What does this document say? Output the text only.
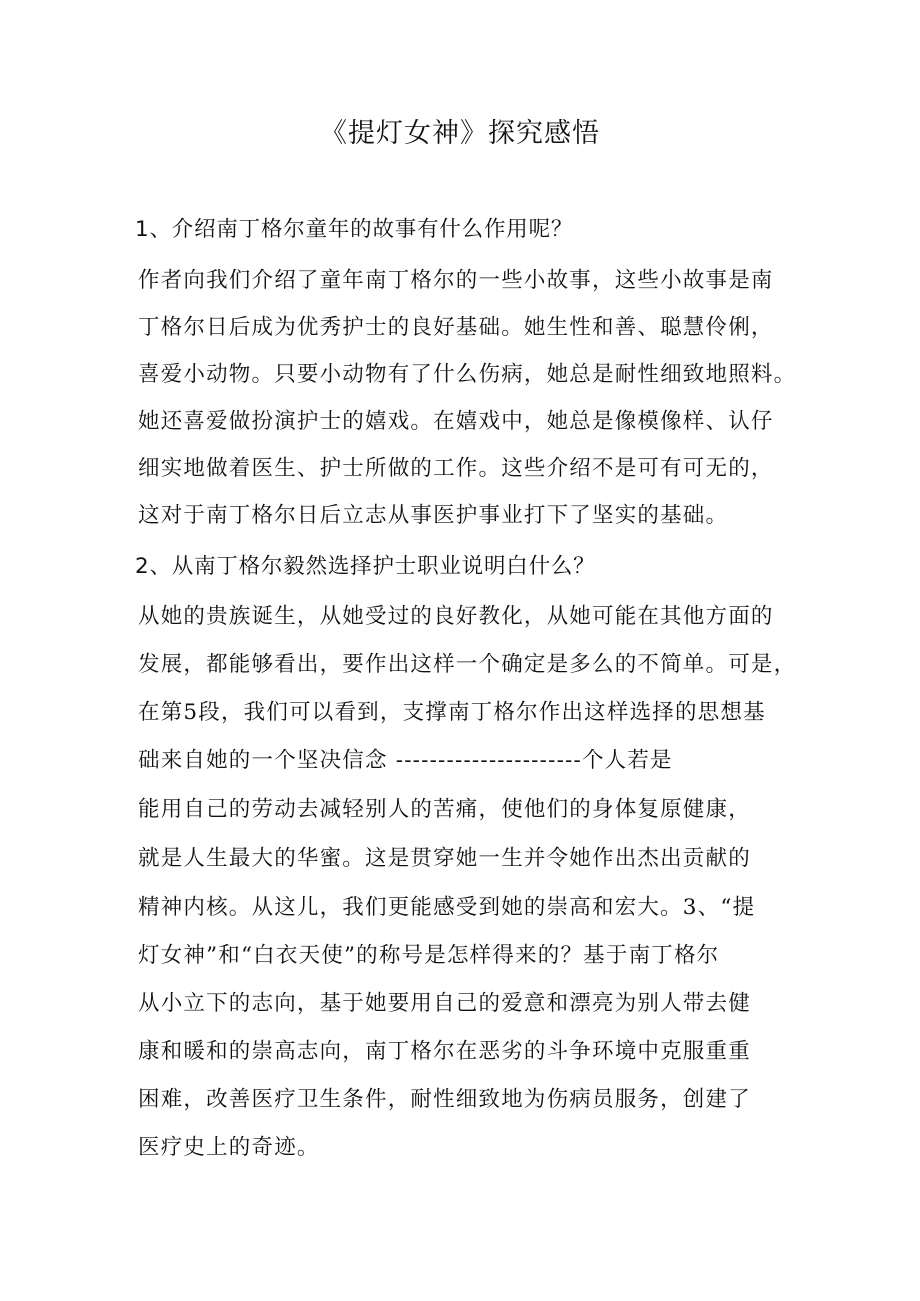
《提灯女神》探究感悟
1、介绍南丁格尔童年的故事有什么作用呢？
作者向我们介绍了童年南丁格尔的一些小故事，这些小故事是南
丁格尔日后成为优秀护士的良好基础。她生性和善、聪慧伶俐，
喜爱小动物。只要小动物有了什么伤病，她总是耐性细致地照料。
她还喜爱做扮演护士的嬉戏。在嬉戏中，她总是像模像样、认仔
细实地做着医生、护士所做的工作。这些介绍不是可有可无的，
这对于南丁格尔日后立志从事医护事业打下了坚实的基础。
2、从南丁格尔毅然选择护士职业说明白什么？
从她的贵族诞生，从她受过的良好教化，从她可能在其他方面的
发展，都能够看出，要作出这样一个确定是多么的不简单。可是，
在第5段，我们可以看到，支撑南丁格尔作出这样选择的思想基
础来自她的一个坚决信念 ----------------------个人若是
能用自己的劳动去减轻别人的苦痛，使他们的身体复原健康，
就是人生最大的华蜜。这是贯穿她一生并令她作出杰出贡献的
精神内核。从这儿，我们更能感受到她的崇高和宏大。3、“提
灯女神”和“白衣天使”的称号是怎样得来的？基于南丁格尔
从小立下的志向，基于她要用自己的爱意和漂亮为别人带去健
康和暖和的崇高志向，南丁格尔在恶劣的斗争环境中克服重重
困难，改善医疗卫生条件，耐性细致地为伤病员服务，创建了
医疗史上的奇迹。
